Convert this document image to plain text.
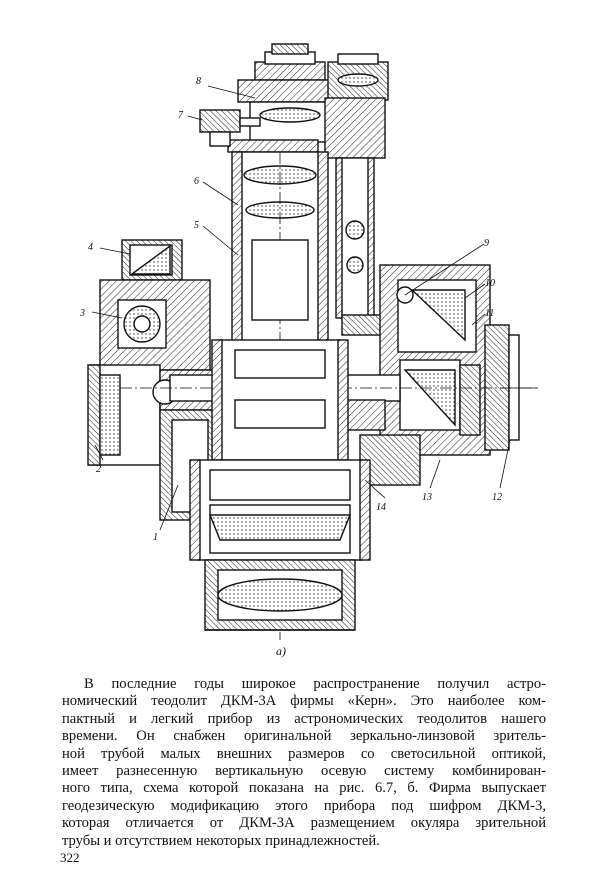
8
7
6
5
4
3
2
1
9
10
11
12
13
14
а)
В последние годы широкое распространение получил астро-
номический теодолит ДКМ-3А фирмы «Керн». Это наиболее ком-
пактный и легкий прибор из астрономических теодолитов нашего
времени. Он снабжен оригинальной зеркально-линзовой зритель-
ной трубой малых внешних размеров со светосильной оптикой,
имеет разнесенную вертикальную осевую систему комбинирован-
ного типа, схема которой показана на рис. 6.7, б. Фирма выпускает
геодезическую модификацию этого прибора под шифром ДКМ-3,
которая отличается от ДКМ-3А размещением окуляра зрительной
трубы и отсутствием некоторых принадлежностей.
322
